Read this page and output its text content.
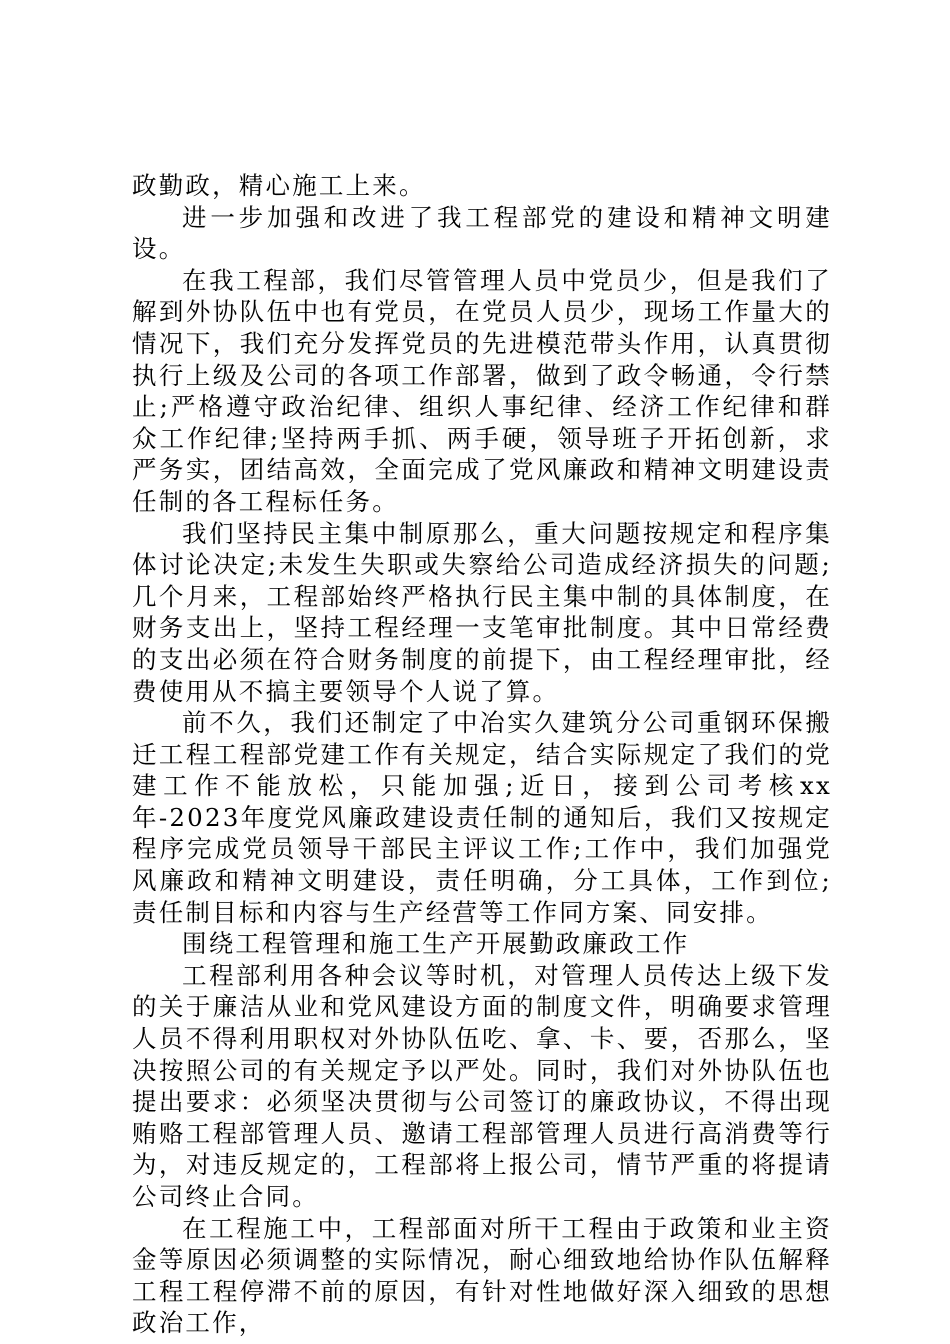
政勤政，精心施工上来。

进一步加强和改进了我工程部党的建设和精神文明建设。

在我工程部，我们尽管管理人员中党员少，但是我们了解到外协队伍中也有党员，在党员人员少，现场工作量大的情况下，我们充分发挥党员的先进模范带头作用，认真贯彻执行上级及公司的各项工作部署，做到了政令畅通，令行禁止;严格遵守政治纪律、组织人事纪律、经济工作纪律和群众工作纪律;坚持两手抓、两手硬，领导班子开拓创新，求严务实，团结高效，全面完成了党风廉政和精神文明建设责任制的各工程标任务。

我们坚持民主集中制原那么，重大问题按规定和程序集体讨论决定;未发生失职或失察给公司造成经济损失的问题;几个月来，工程部始终严格执行民主集中制的具体制度，在财务支出上，坚持工程经理一支笔审批制度。其中日常经费的支出必须在符合财务制度的前提下，由工程经理审批，经费使用从不搞主要领导个人说了算。

前不久，我们还制定了中冶实久建筑分公司重钢环保搬迁工程工程部党建工作有关规定，结合实际规定了我们的党建工作不能放松，只能加强;近日，接到公司考核xx年-2023年度党风廉政建设责任制的通知后，我们又按规定程序完成党员领导干部民主评议工作;工作中，我们加强党风廉政和精神文明建设，责任明确，分工具体，工作到位;责任制目标和内容与生产经营等工作同方案、同安排。

围绕工程管理和施工生产开展勤政廉政工作

工程部利用各种会议等时机，对管理人员传达上级下发的关于廉洁从业和党风建设方面的制度文件，明确要求管理人员不得利用职权对外协队伍吃、拿、卡、要，否那么，坚决按照公司的有关规定予以严处。同时，我们对外协队伍也提出要求：必须坚决贯彻与公司签订的廉政协议，不得出现贿赂工程部管理人员、邀请工程部管理人员进行高消费等行为，对违反规定的，工程部将上报公司，情节严重的将提请公司终止合同。

在工程施工中，工程部面对所干工程由于政策和业主资金等原因必须调整的实际情况，耐心细致地给协作队伍解释工程工程停滞不前的原因，有针对性地做好深入细致的思想政治工作，
